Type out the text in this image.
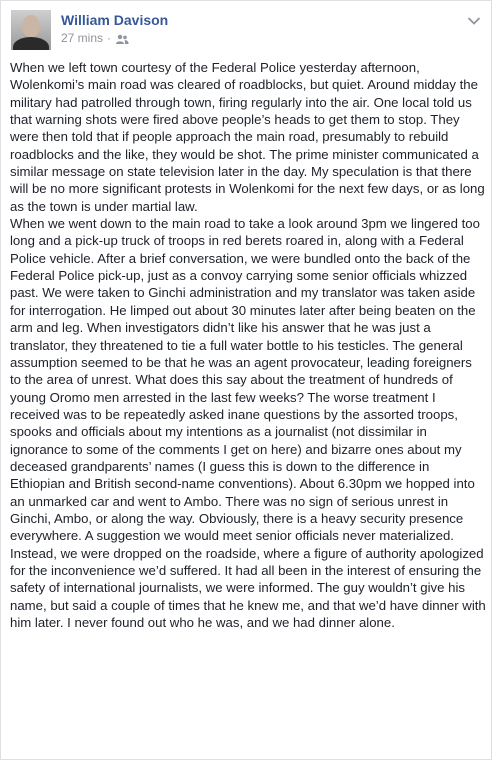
William Davison
27 mins ·

When we left town courtesy of the Federal Police yesterday afternoon, Wolenkomi’s main road was cleared of roadblocks, but quiet. Around midday the military had patrolled through town, firing regularly into the air. One local told us that warning shots were fired above people’s heads to get them to stop. They were then told that if people approach the main road, presumably to rebuild roadblocks and the like, they would be shot. The prime minister communicated a similar message on state television later in the day. My speculation is that there will be no more significant protests in Wolenkomi for the next few days, or as long as the town is under martial law.

When we went down to the main road to take a look around 3pm we lingered too long and a pick-up truck of troops in red berets roared in, along with a Federal Police vehicle. After a brief conversation, we were bundled onto the back of the Federal Police pick-up, just as a convoy carrying some senior officials whizzed past. We were taken to Ginchi administration and my translator was taken aside for interrogation. He limped out about 30 minutes later after being beaten on the arm and leg. When investigators didn’t like his answer that he was just a translator, they threatened to tie a full water bottle to his testicles. The general assumption seemed to be that he was an agent provocateur, leading foreigners to the area of unrest. What does this say about the treatment of hundreds of young Oromo men arrested in the last few weeks? The worse treatment I received was to be repeatedly asked inane questions by the assorted troops, spooks and officials about my intentions as a journalist (not dissimilar in ignorance to some of the comments I get on here) and bizarre ones about my deceased grandparents’ names (I guess this is down to the difference in Ethiopian and British second-name conventions). About 6.30pm we hopped into an unmarked car and went to Ambo. There was no sign of serious unrest in Ginchi, Ambo, or along the way. Obviously, there is a heavy security presence everywhere. A suggestion we would meet senior officials never materialized. Instead, we were dropped on the roadside, where a figure of authority apologized for the inconvenience we’d suffered. It had all been in the interest of ensuring the safety of international journalists, we were informed. The guy wouldn’t give his name, but said a couple of times that he knew me, and that we’d have dinner with him later. I never found out who he was, and we had dinner alone.
